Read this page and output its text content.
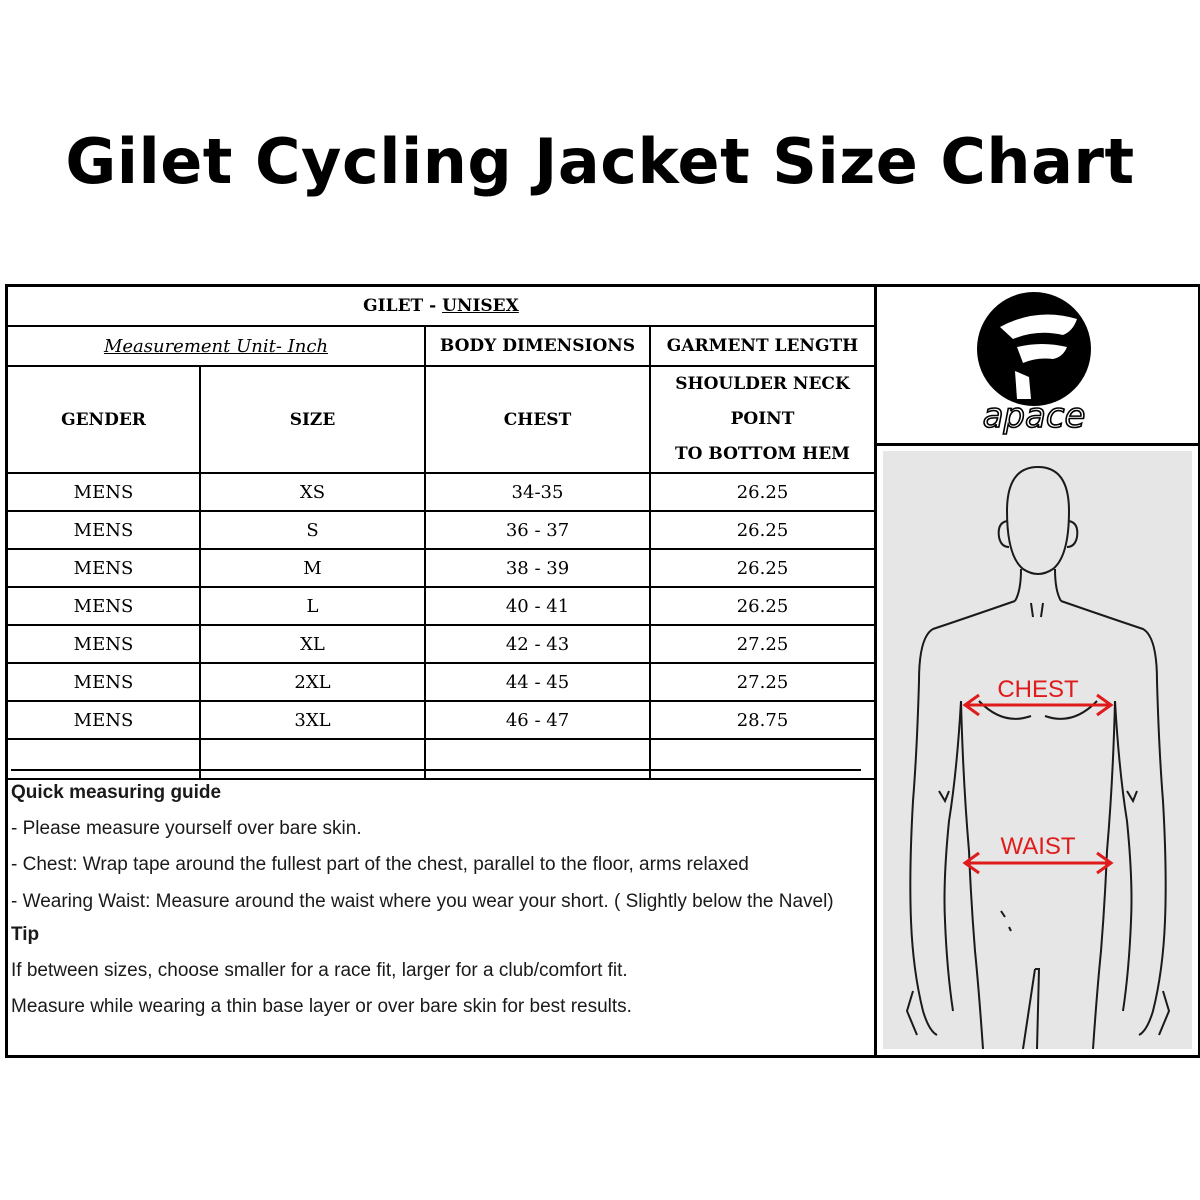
Gilet Cycling Jacket Size Chart
GILET - UNISEX			
Measurement Unit- Inch		BODY DIMENSIONS	GARMENT LENGTH
GENDER	SIZE	CHEST	SHOULDER NECK POINT
TO BOTTOM HEM

MENS	XS	34-35	26.25
MENS	S	36 - 37	26.25
MENS	M	38 - 39	26.25
MENS	L	40 - 41	26.25
MENS	XL	42 - 43	27.25
MENS	2XL	44 - 45	27.25
MENS	3XL	46 - 47	28.75

Quick measuring guide
- Please measure yourself over bare skin.
- Chest: Wrap tape around the fullest part of the chest, parallel to the floor, arms relaxed
- Wearing Waist: Measure around the waist where you wear your short. ( Slightly below the Navel)
Tip
If between sizes, choose smaller for a race fit, larger for a club/comfort fit.
Measure while wearing a thin base layer or over bare skin for best results.
apace
CHEST
WAIST
